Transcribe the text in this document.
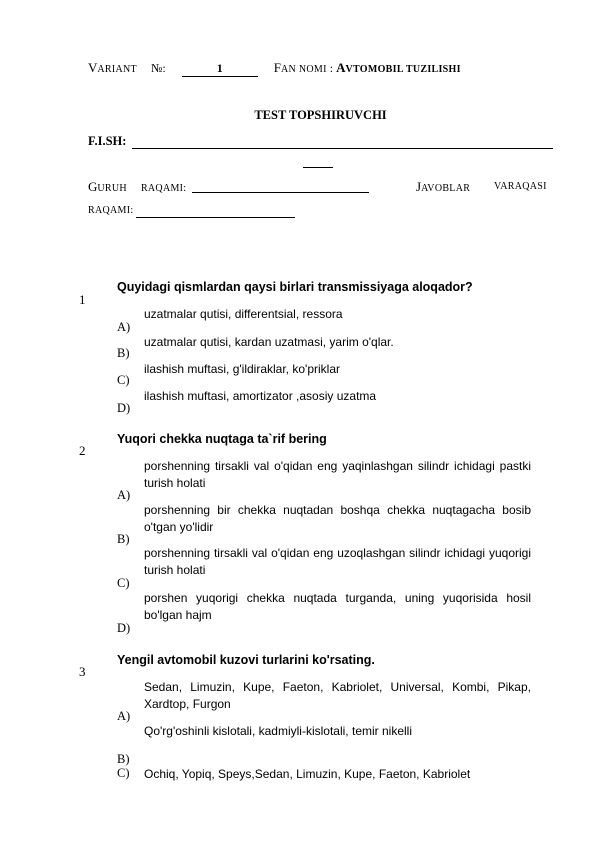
VARIANT №:	1	FAN NOMI : AVTOMOBIL TUZILISHI
TEST TOPSHIRUVCHI
F.I.SH:
GURUH RAQAMI:	JAVOBLAR VARAQASI
RAQAMI:
1
Quyidagi qismlardan qaysi birlari transmissiyaga aloqador?
A)
uzatmalar qutisi, differentsial, ressora
B)
uzatmalar qutisi, kardan uzatmasi, yarim o'qlar.
C)
ilashish muftasi, g'ildiraklar, ko'priklar
D)
ilashish muftasi, amortizator ,asosiy uzatma
2
Yuqori chekka nuqtaga ta`rif bering
A)
porshenning tirsakli val o'qidan eng yaqinlashgan silindr ichidagi pastki turish holati
B)
porshenning bir chekka nuqtadan boshqa chekka nuqtagacha bosib o'tgan yo'lidir
C)
porshenning tirsakli val o'qidan eng uzoqlashgan silindr ichidagi yuqorigi turish holati
D)
porshen yuqorigi chekka nuqtada turganda, uning yuqorisida hosil bo'lgan hajm
3
Yengil avtomobil kuzovi turlarini ko'rsating.
A)
Sedan, Limuzin, Kupe, Faeton, Kabriolet, Universal, Kombi, Pikap, Xardtop, Furgon
B)
Qo'rg'oshinli kislotali, kadmiyli-kislotali, temir nikelli
C) Ochiq, Yopiq, Speys,Sedan, Limuzin, Kupe, Faeton, Kabriolet
